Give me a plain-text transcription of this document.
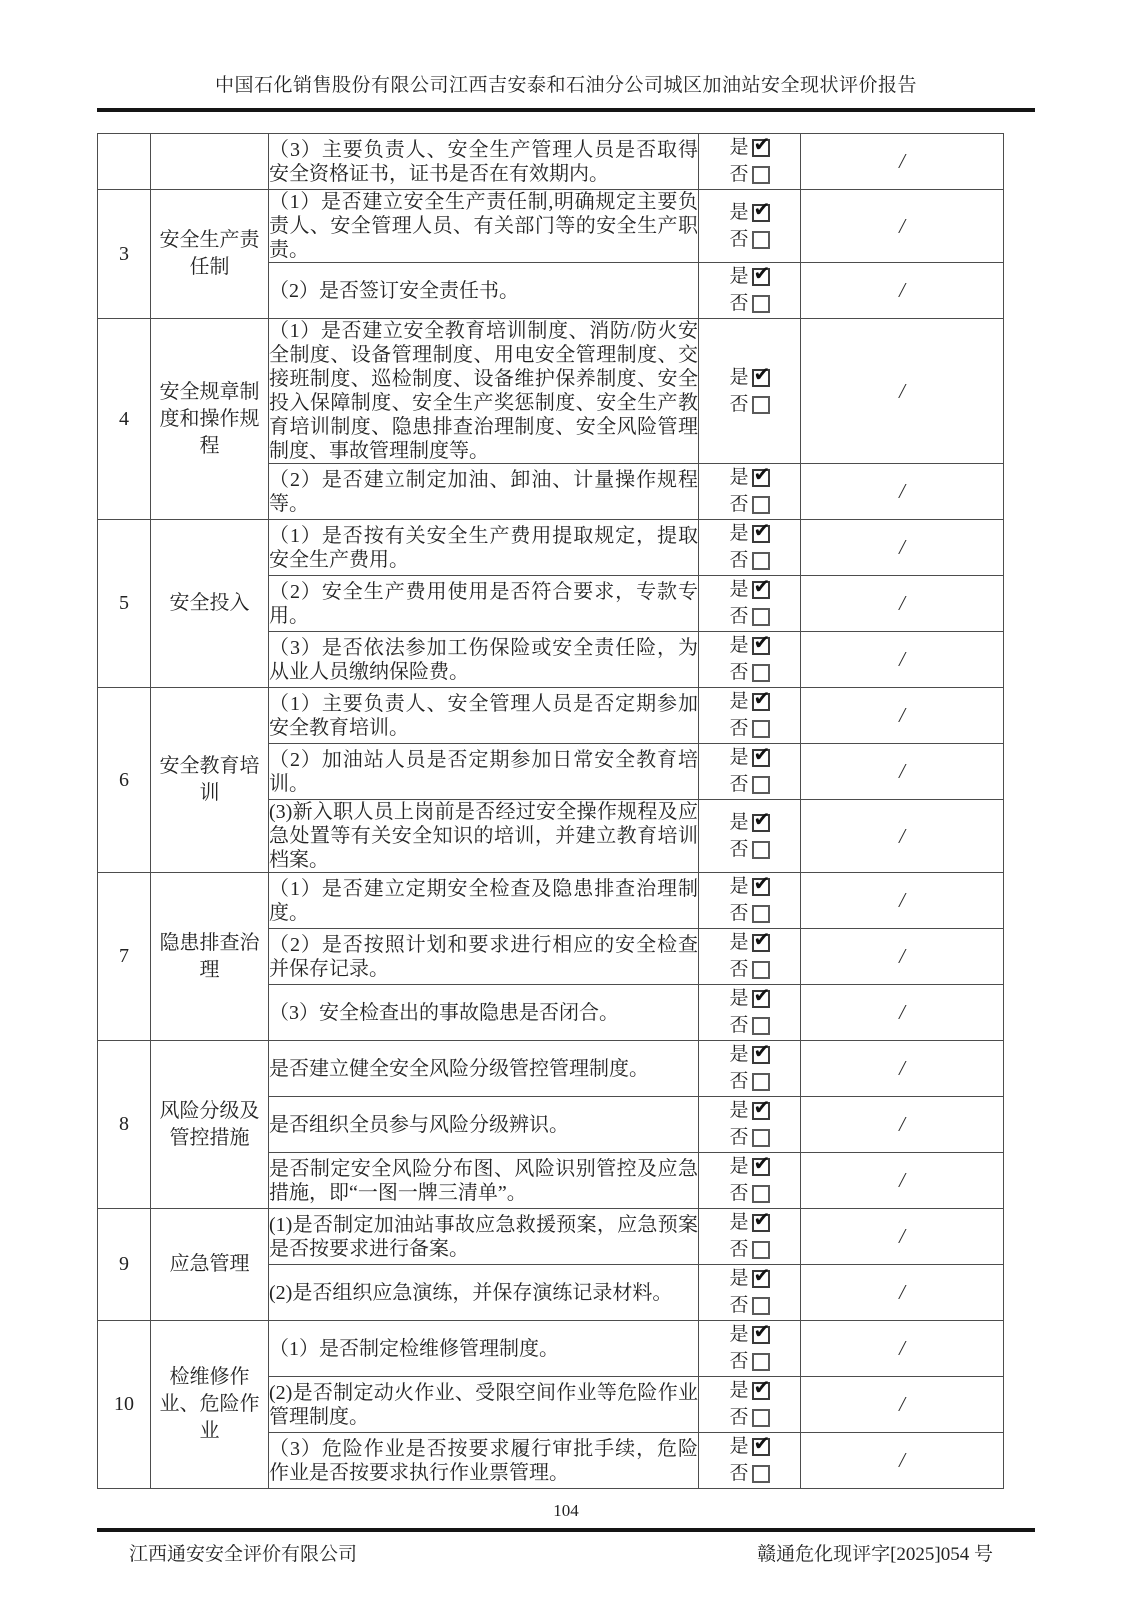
中国石化销售股份有限公司江西吉安泰和石油分公司城区加油站安全现状评价报告

		（3）主要负责人、安全生产管理人员是否取得安全资格证书，证书是否在有效期内。	是
✔
否	/
3	安全生产责任制	（1）是否建立安全生产责任制,明确规定主要负责人、安全管理人员、有关部门等的安全生产职责。	是
✔
否	/

		（2）是否签订安全责任书。	是
✔
否	/
4	安全规章制度和操作规程	（1）是否建立安全教育培训制度、消防/防火安全制度、设备管理制度、用电安全管理制度、交接班制度、巡检制度、设备维护保养制度、安全投入保障制度、安全生产奖惩制度、安全生产教育培训制度、隐患排查治理制度、安全风险管理制度、事故管理制度等。	是
✔
否	/

		（2）是否建立制定加油、卸油、计量操作规程等。	是
✔
否	/
5	安全投入	（1）是否按有关安全生产费用提取规定，提取安全生产费用。	是
✔
否	/

		（2）安全生产费用使用是否符合要求，专款专用。	是
✔
否	/

		（3）是否依法参加工伤保险或安全责任险，为从业人员缴纳保险费。	是
✔
否	/
6	安全教育培训	（1）主要负责人、安全管理人员是否定期参加安全教育培训。	是
✔
否	/

		（2）加油站人员是否定期参加日常安全教育培训。	是
✔
否	/

		(3)新入职人员上岗前是否经过安全操作规程及应急处置等有关安全知识的培训，并建立教育培训档案。	是
✔
否	/
7	隐患排查治理	（1）是否建立定期安全检查及隐患排查治理制度。	是
✔
否	/

		（2）是否按照计划和要求进行相应的安全检查并保存记录。	是
✔
否	/

		（3）安全检查出的事故隐患是否闭合。	是
✔
否	/
8	风险分级及管控措施	是否建立健全安全风险分级管控管理制度。	是
✔
否	/

		是否组织全员参与风险分级辨识。	是
✔
否	/

		是否制定安全风险分布图、风险识别管控及应急措施，即“一图一牌三清单”。	是
✔
否	/
9	应急管理	(1)是否制定加油站事故应急救援预案，应急预案是否按要求进行备案。	是
✔
否	/

		(2)是否组织应急演练，并保存演练记录材料。	是
✔
否	/
10	检维修作业、危险作业	（1）是否制定检维修管理制度。	是
✔
否	/

		(2)是否制定动火作业、受限空间作业等危险作业管理制度。	是
✔
否	/

		（3）危险作业是否按要求履行审批手续，危险作业是否按要求执行作业票管理。	是
✔
否	/
104
江西通安安全评价有限公司	赣通危化现评字[2025]054 号
